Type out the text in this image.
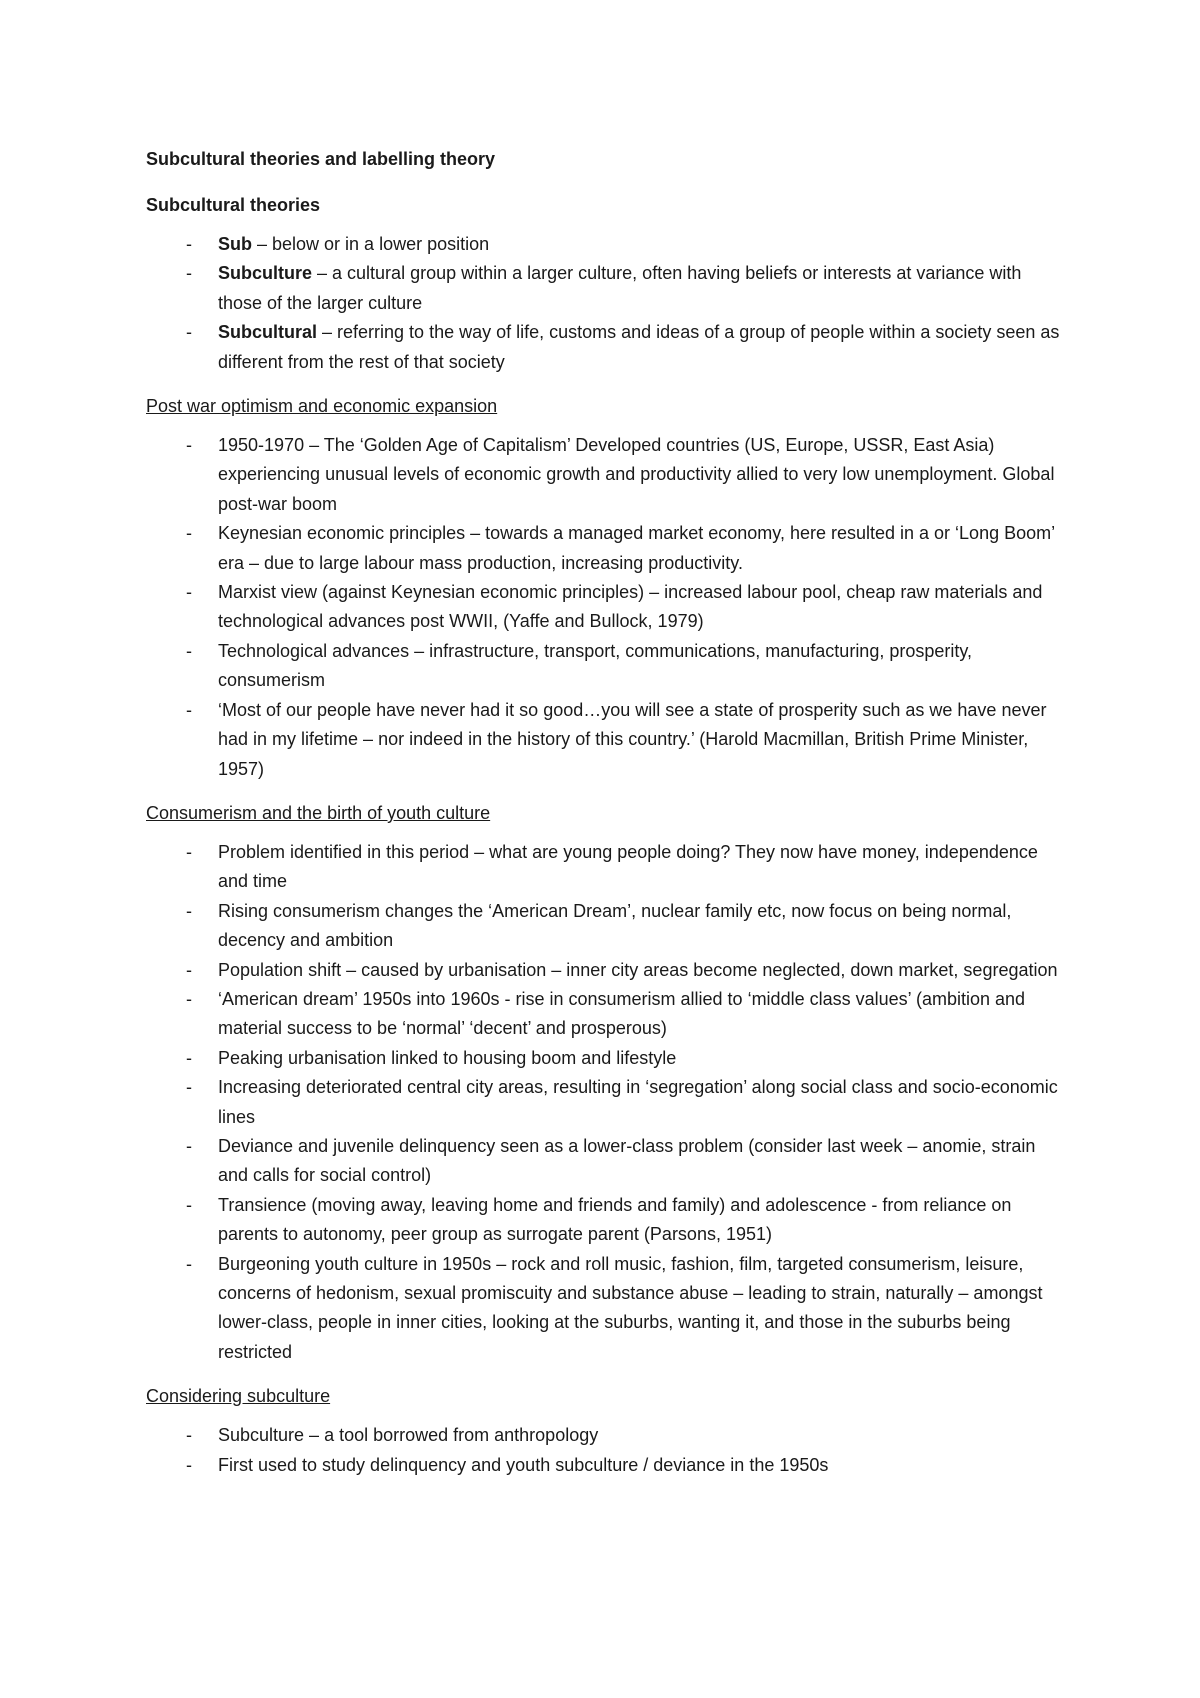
Subcultural theories and labelling theory

Subcultural theories

- Sub – below or in a lower position
- Subculture – a cultural group within a larger culture, often having beliefs or interests at variance with those of the larger culture
- Subcultural – referring to the way of life, customs and ideas of a group of people within a society seen as different from the rest of that society

Post war optimism and economic expansion

- 1950-1970 – The ‘Golden Age of Capitalism’ Developed countries (US, Europe, USSR, East Asia) experiencing unusual levels of economic growth and productivity allied to very low unemployment. Global post-war boom
- Keynesian economic principles – towards a managed market economy, here resulted in a or ‘Long Boom’ era – due to large labour mass production, increasing productivity.
- Marxist view (against Keynesian economic principles) – increased labour pool, cheap raw materials and technological advances post WWII, (Yaffe and Bullock, 1979)
- Technological advances – infrastructure, transport, communications, manufacturing, prosperity, consumerism
- ‘Most of our people have never had it so good…you will see a state of prosperity such as we have never had in my lifetime – nor indeed in the history of this country.’ (Harold Macmillan, British Prime Minister, 1957)

Consumerism and the birth of youth culture

- Problem identified in this period – what are young people doing? They now have money, independence and time
- Rising consumerism changes the ‘American Dream’, nuclear family etc, now focus on being normal, decency and ambition
- Population shift – caused by urbanisation – inner city areas become neglected, down market, segregation
- ‘American dream’ 1950s into 1960s - rise in consumerism allied to ‘middle class values’ (ambition and material success to be ‘normal’ ‘decent’ and prosperous)
- Peaking urbanisation linked to housing boom and lifestyle
- Increasing deteriorated central city areas, resulting in ‘segregation’ along social class and socio-economic lines
- Deviance and juvenile delinquency seen as a lower-class problem (consider last week – anomie, strain and calls for social control)
- Transience (moving away, leaving home and friends and family) and adolescence - from reliance on parents to autonomy, peer group as surrogate parent (Parsons, 1951)
- Burgeoning youth culture in 1950s – rock and roll music, fashion, film, targeted consumerism, leisure, concerns of hedonism, sexual promiscuity and substance abuse – leading to strain, naturally – amongst lower-class, people in inner cities, looking at the suburbs, wanting it, and those in the suburbs being restricted

Considering subculture

- Subculture – a tool borrowed from anthropology
- First used to study delinquency and youth subculture / deviance in the 1950s
